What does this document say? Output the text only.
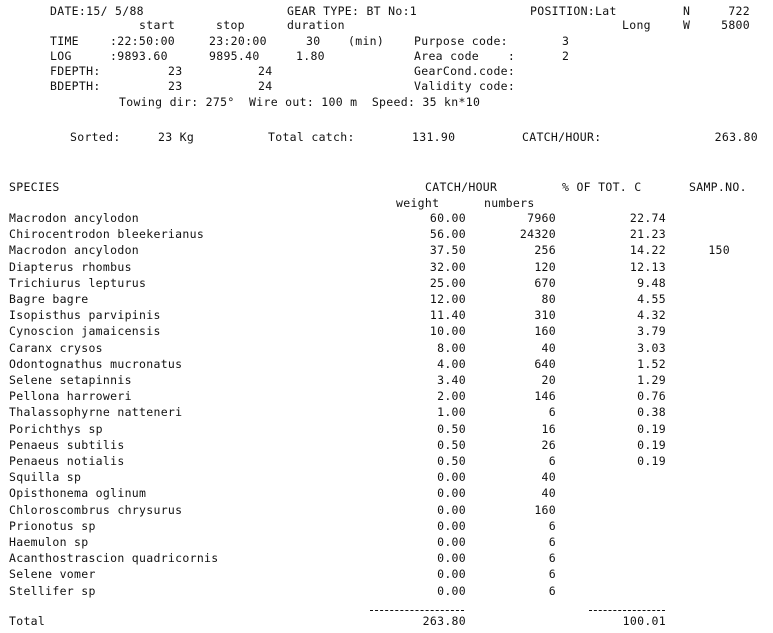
DATE:15/ 5/88	GEAR TYPE: BT No:1	POSITION:Lat	N	722
start	stop	duration	Long	W	5800
TIME	:22:50:00	23:20:00	30 (min)	Purpose code:	3
LOG	:9893.60	9895.40	1.80	Area code    :	2
FDEPTH:	23	24	GearCond.code:
BDEPTH:	23	24	Validity code:
Towing dir: 275°  Wire out: 100 m  Speed: 35 kn*10
Sorted:	23 Kg	Total catch:	131.90	CATCH/HOUR:	263.80
SPECIES	CATCH/HOUR	% OF TOT. C	SAMP.NO.
weight	numbers
Macrodon ancylodon	60.00	7960	22.74
Chirocentrodon bleekerianus	56.00	24320	21.23
Macrodon ancylodon	37.50	256	14.22	150
Diapterus rhombus	32.00	120	12.13
Trichiurus lepturus	25.00	670	9.48
Bagre bagre	12.00	80	4.55
Isopisthus parvipinis	11.40	310	4.32
Cynoscion jamaicensis	10.00	160	3.79
Caranx crysos	8.00	40	3.03
Odontognathus mucronatus	4.00	640	1.52
Selene setapinnis	3.40	20	1.29
Pellona harroweri	2.00	146	0.76
Thalassophyrne natteneri	1.00	6	0.38
Porichthys sp	0.50	16	0.19
Penaeus subtilis	0.50	26	0.19
Penaeus notialis	0.50	6	0.19
Squilla sp	0.00	40
Opisthonema oglinum	0.00	40
Chloroscombrus chrysurus	0.00	160
Prionotus sp	0.00	6
Haemulon sp	0.00	6
Acanthostrascion quadricornis	0.00	6
Selene vomer	0.00	6
Stellifer sp	0.00	6
Total	263.80	100.01
